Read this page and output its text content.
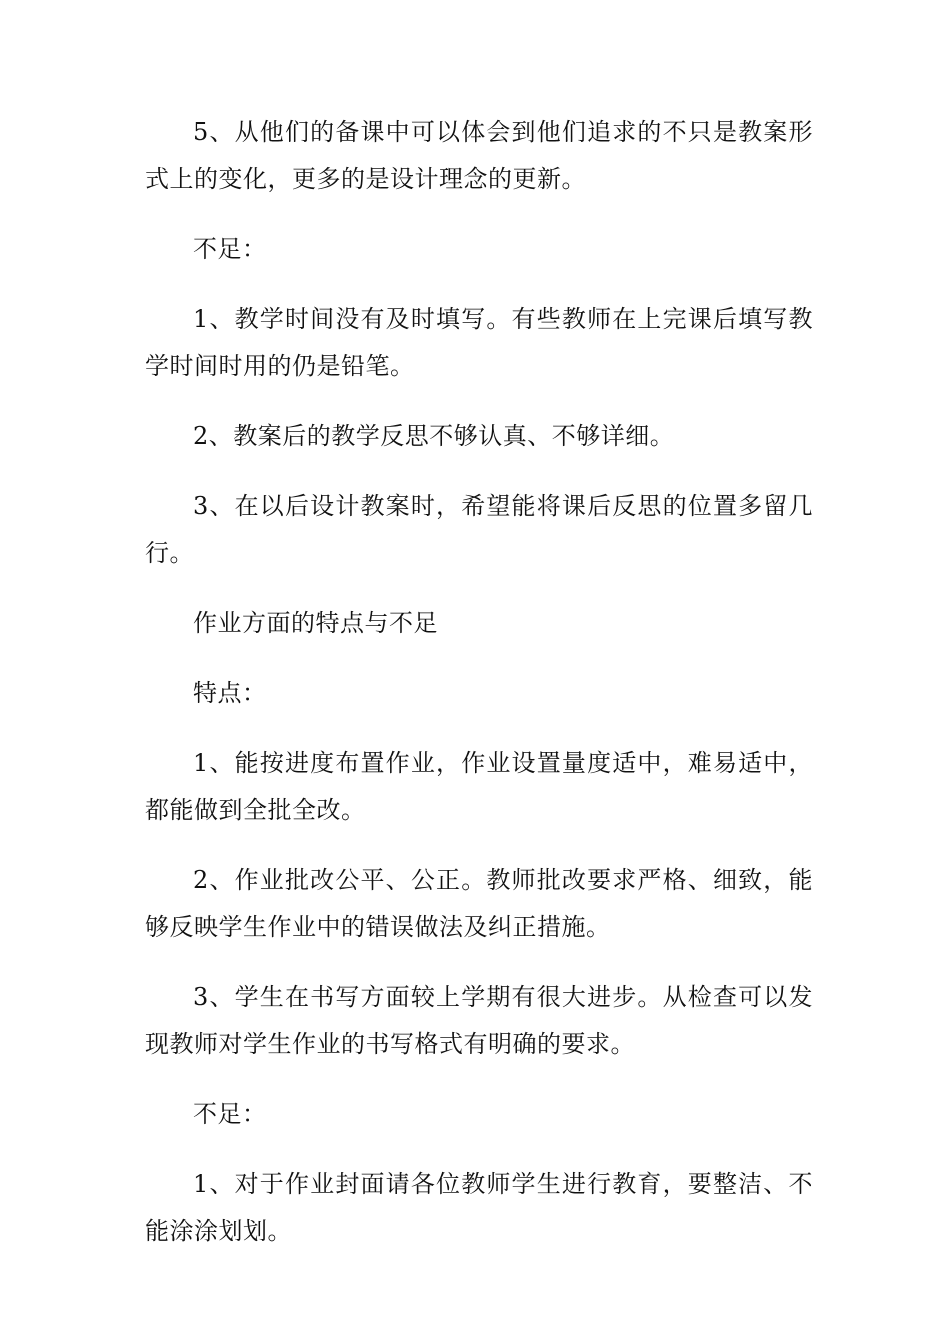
5、从他们的备课中可以体会到他们追求的不只是教案形式上的变化，更多的是设计理念的更新。

不足：

1、教学时间没有及时填写。有些教师在上完课后填写教学时间时用的仍是铅笔。

2、教案后的教学反思不够认真、不够详细。

3、在以后设计教案时，希望能将课后反思的位置多留几行。

作业方面的特点与不足

特点：

1、能按进度布置作业，作业设置量度适中，难易适中，都能做到全批全改。

2、作业批改公平、公正。教师批改要求严格、细致，能够反映学生作业中的错误做法及纠正措施。

3、学生在书写方面较上学期有很大进步。从检查可以发现教师对学生作业的书写格式有明确的要求。

不足：

1、对于作业封面请各位教师学生进行教育，要整洁、不能涂涂划划。
